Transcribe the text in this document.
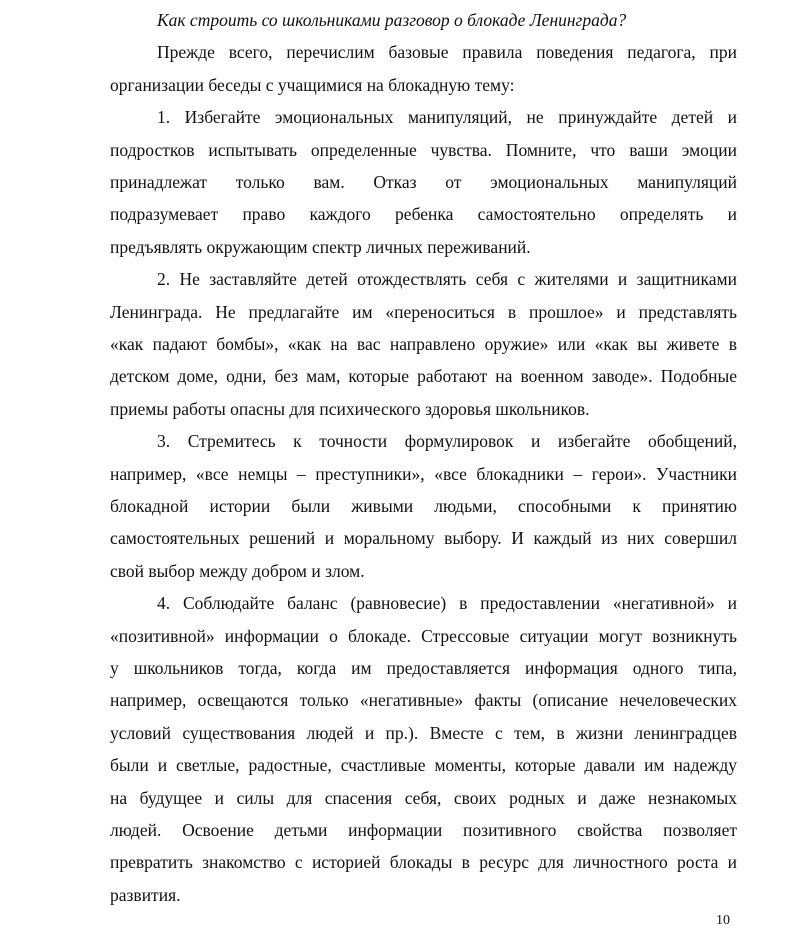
Как строить со школьниками разговор о блокаде Ленинграда?
Прежде всего, перечислим базовые правила поведения педагога, при
организации беседы с учащимися на блокадную тему:
1. Избегайте эмоциональных манипуляций, не принуждайте детей и
подростков испытывать определенные чувства. Помните, что ваши эмоции
принадлежат только вам. Отказ от эмоциональных манипуляций
подразумевает право каждого ребенка самостоятельно определять и
предъявлять окружающим спектр личных переживаний.
2. Не заставляйте детей отождествлять себя с жителями и защитниками
Ленинграда. Не предлагайте им «переноситься в прошлое» и представлять
«как падают бомбы», «как на вас направлено оружие» или «как вы живете в
детском доме, одни, без мам, которые работают на военном заводе». Подобные
приемы работы опасны для психического здоровья школьников.
3. Стремитесь к точности формулировок и избегайте обобщений,
например, «все немцы – преступники», «все блокадники – герои». Участники
блокадной истории были живыми людьми, способными к принятию
самостоятельных решений и моральному выбору. И каждый из них совершил
свой выбор между добром и злом.
4. Соблюдайте баланс (равновесие) в предоставлении «негативной» и
«позитивной» информации о блокаде. Стрессовые ситуации могут возникнуть
у школьников тогда, когда им предоставляется информация одного типа,
например, освещаются только «негативные» факты (описание нечеловеческих
условий существования людей и пр.). Вместе с тем, в жизни ленинградцев
были и светлые, радостные, счастливые моменты, которые давали им надежду
на будущее и силы для спасения себя, своих родных и даже незнакомых
людей. Освоение детьми информации позитивного свойства позволяет
превратить знакомство с историей блокады в ресурс для личностного роста и
развития.
10
